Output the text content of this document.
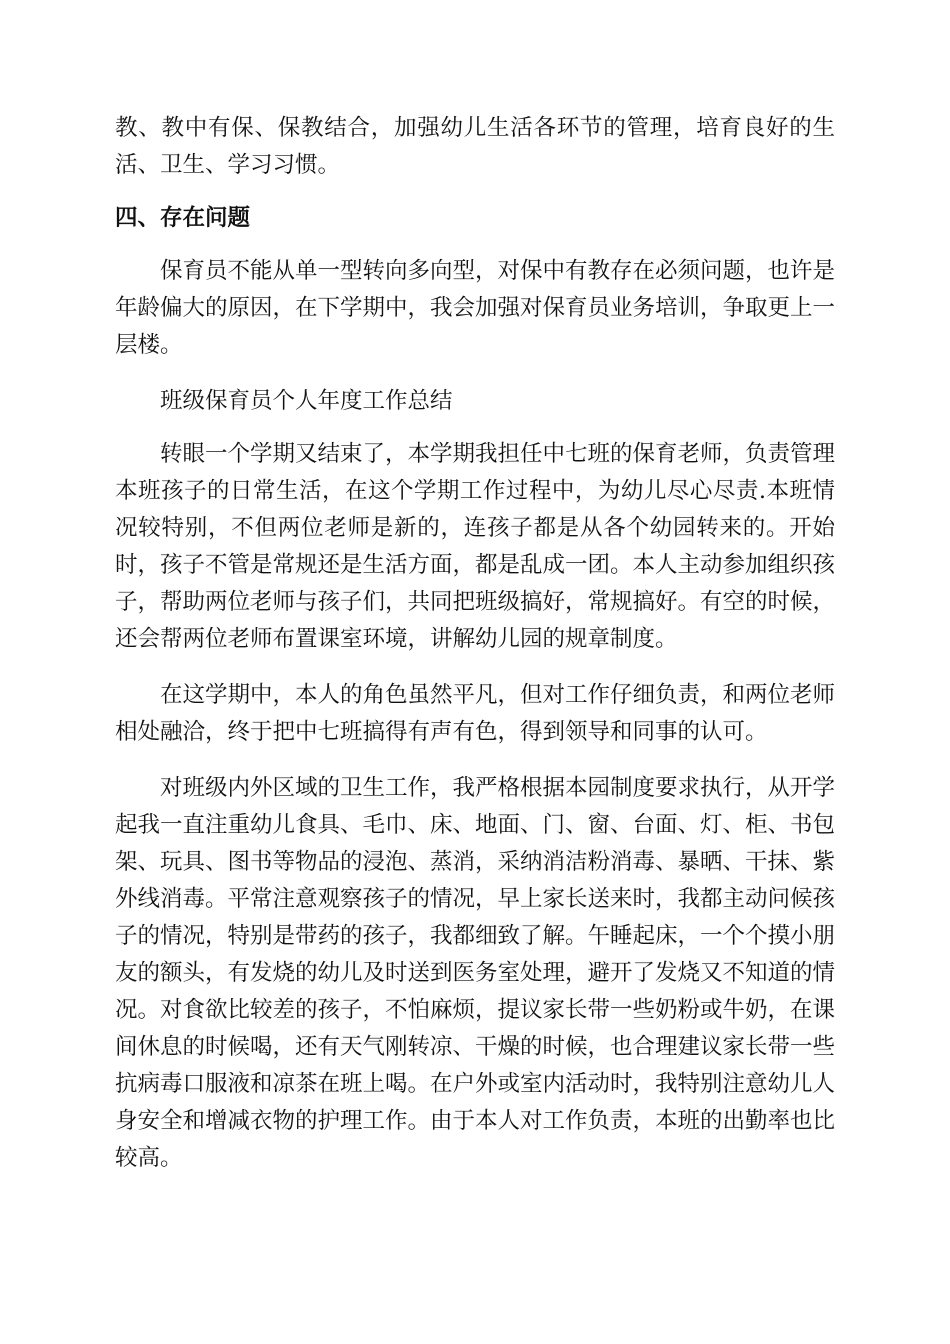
教、教中有保、保教结合，加强幼儿生活各环节的管理，培育良好的生活、卫生、学习习惯。

四、存在问题

保育员不能从单一型转向多向型，对保中有教存在必须问题，也许是年龄偏大的原因，在下学期中，我会加强对保育员业务培训，争取更上一层楼。

班级保育员个人年度工作总结

转眼一个学期又结束了，本学期我担任中七班的保育老师，负责管理本班孩子的日常生活，在这个学期工作过程中，为幼儿尽心尽责.本班情况较特别，不但两位老师是新的，连孩子都是从各个幼园转来的。开始时，孩子不管是常规还是生活方面，都是乱成一团。本人主动参加组织孩子，帮助两位老师与孩子们，共同把班级搞好，常规搞好。有空的时候，还会帮两位老师布置课室环境，讲解幼儿园的规章制度。

在这学期中，本人的角色虽然平凡，但对工作仔细负责，和两位老师相处融洽，终于把中七班搞得有声有色，得到领导和同事的认可。

对班级内外区域的卫生工作，我严格根据本园制度要求执行，从开学起我一直注重幼儿食具、毛巾、床、地面、门、窗、台面、灯、柜、书包架、玩具、图书等物品的浸泡、蒸消，采纳消洁粉消毒、暴晒、干抹、紫外线消毒。平常注意观察孩子的情况，早上家长送来时，我都主动问候孩子的情况，特别是带药的孩子，我都细致了解。午睡起床，一个个摸小朋友的额头，有发烧的幼儿及时送到医务室处理，避开了发烧又不知道的情况。对食欲比较差的孩子，不怕麻烦，提议家长带一些奶粉或牛奶，在课间休息的时候喝，还有天气刚转凉、干燥的时候，也合理建议家长带一些抗病毒口服液和凉茶在班上喝。在户外或室内活动时，我特别注意幼儿人身安全和增减衣物的护理工作。由于本人对工作负责，本班的出勤率也比较高。
